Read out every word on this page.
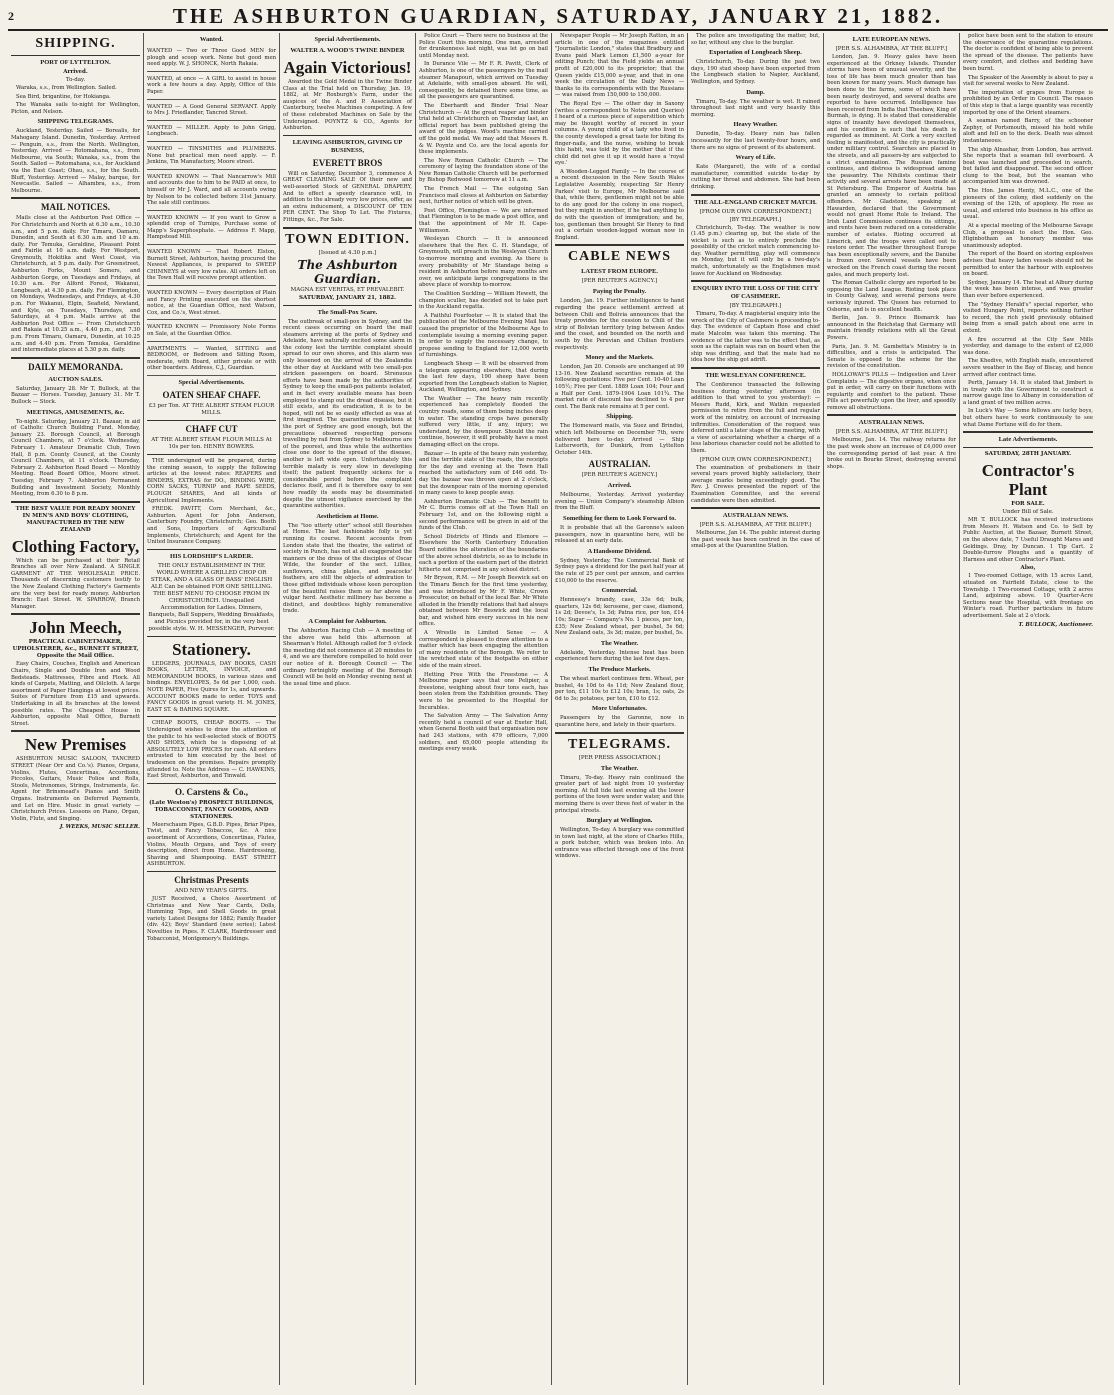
2	THE ASHBURTON GUARDIAN, SATURDAY, JANUARY 21, 1882.
SHIPPING.
PORT OF LYTTELTON.
Arrived.
To-day.

Waraka, s.s., from Wellington. Sailed.

Sea Bird, brigantine, for Hokianga.

The Wanaka sails to-night for Wellington, Picton, and Nelson.

SHIPPING TELEGRAMS.

Auckland, Yesterday. Sailed — Borealis, for Mahogany Island. Dunedin, Yesterday. Arrived — Penguin, s.s., from the North. Wellington, Yesterday. Arrived — Rotomahana, s.s., from Melbourne, via South; Wanaka, s.s., from the South. Sailed — Rotomahana, s.s., for Auckland via the East Coast; Ohau, s.s., for the South. Bluff, Yesterday. Arrived — Malay, barque, for Newcastle. Sailed — Alhambra, s.s., from Melbourne.

MAIL NOTICES.

Mails close at the Ashburton Post Office — For Christchurch and North at 6.30 a.m., 10.30 a.m., and 5 p.m. daily. For Timaru, Oamaru, Dunedin, and South at 6.30 a.m. and 10 a.m. daily. For Temuka, Geraldine, Pleasant Point and Fairlie at 10 a.m. daily. For Westport, Greymouth, Hokitika and West Coast, via Christchurch, at 5 p.m. daily. For Greenstreet, Ashburton Forks, Mount Somers, and Ashburton Gorge, on Tuesdays and Fridays, at 10.30 a.m. For Alford Forest, Wakanui, Longbeach, at 4.30 p.m. daily. For Flemington, on Mondays, Wednesdays, and Fridays, at 4.30 p.m. For Wakanui, Elgin, Seafield, Newland, and Kyle, on Tuesdays, Thursdays, and Saturdays, at 4 p.m. Mails arrive at the Ashburton Post Office — From Christchurch and Rakaia at 10.25 a.m., 4.40 p.m., and 7.30 p.m. From Timaru, Oamaru, Dunedin, at 10.25 a.m. and 4.40 p.m. From Temuka, Geraldine and intermediate places at 5.30 p.m. daily.

DAILY MEMORANDA.
AUCTION SALES.

Saturday, January 28. Mr T. Bullock, at the Bazaar — Horses. Tuesday, January 31. Mr T. Bullock — Stock.

MEETINGS, AMUSEMENTS, &c.

To-night. Saturday, January 21. Bazaar, in aid of Catholic Church Building Fund. Monday, January 23. Borough Council, at Borough Council Chambers, at 7 o'clock. Wednesday, February 1. Amateur Dramatic Club, Town Hall, 8 p.m. County Council, at the County Council Chambers, at 11 o'clock. Thursday, February 2. Ashburton Road Board — Monthly Meeting. Road Board Office, Moore street. Tuesday, February 7. Ashburton Permanent Building and Investment Society, Monthly Meeting, from 6.30 to 8 p.m.

THE BEST VALUE FOR READY MONEY IN MEN'S AND BOYS' CLOTHING, MANUFACTURED BY THE NEW ZEALAND
Clothing Factory,

Which can be purchased at their Retail Branches all over New Zealand. A SINGLE GARMENT AT THE WHOLESALE PRICE. Thousands of discerning customers testify to the New Zealand Clothing Factory's Garments are the very best for ready money. Ashburton Branch: East Street. W. SPARROW, Branch Manager.

John Meech,
PRACTICAL CABINETMAKER, UPHOLSTERER, &c., BURNETT STREET, Opposite the Mail Office.

Easy Chairs, Couches, English and American Chairs, Single and Double Iron and Wood Bedsteads. Mattresses, Fibre and Flock. All kinds of Carpets, Matting, and Oilcloth. A large assortment of Paper Hangings at lowest prices. Suites of Furniture from £15 and upwards. Undertaking in all its branches at the lowest possible rates. The Cheapest House in Ashburton, opposite Mail Office, Burnett Street.

New Premises

ASHBURTON MUSIC SALOON, TANCRED STREET (Near Orr and Co.'s). Pianos, Organs, Violins, Flutes, Concertinas, Accordions, Piccolos, Guitars, Music Folios and Rolls, Stools, Metronomes, Strings, Instruments, &c. Agent for Brinsmead's Pianos and Smith Organs. Instruments on Deferred Payments, and Let on Hire. Music in great variety — Christchurch Prices. Lessons on Piano, Organ, Violin, Flute, and Singing.

J. WEEKS, MUSIC SELLER.
Wanted.
WANTED — Two or Three Good MEN for plough and scoop work. None but good men need apply. W. J. SHONCK, North Rakaia.
WANTED, at once — A GIRL to assist in house work a few hours a day. Apply, Office of this Paper.
WANTED — A Good General SERVANT. Apply to Mrs J. Friedlander, Tancred Street.
WANTED — MILLER. Apply to John Grigg, Longbeach.
WANTED — TINSMITHS and PLUMBERS. None but practical men need apply. — F. Jenkins, Tin Manufactory, Moore street.
WANTED KNOWN — That Nancarrow's Mill and accounts due to him to be PAID at once, to himself or Mr J. Ward, and all accounts owing by Nelson to be collected before 31st January. The sale still continues.
WANTED KNOWN — If you want to Grow a splendid crop of Turnips, Purchase some of Mapp's Superphosphate. — Address F. Mapp, Hampstead Mill.
WANTED KNOWN — That Robert Elston, Burnett Street, Ashburton, having procured the Newest Appliances, is prepared to SWEEP CHIMNEYS at very low rates. All orders left on the Town Hall will receive prompt attention.
WANTED KNOWN — Every description of Plain and Fancy Printing executed on the shortest notice, at the Guardian Office, next Watson, Cox, and Co.'s, West street.
WANTED KNOWN — Promissory Note Forms on Sale, at the Guardian Office.
APARTMENTS — Wanted, SITTING and BEDROOM, or Bedroom and Sitting Room, moderate, with Board, either private or with other boarders. Address, C.J., Guardian.
Special Advertisements.
OATEN SHEAF CHAFF.
£3 per Ton. AT THE ALBERT STEAM FLOUR MILLS.
CHAFF CUT
AT THE ALBERT STEAM FLOUR MILLS At 10s per ton. HENRY BOWERS.

THE undersigned will be prepared, during the coming season, to supply the following articles at the lowest rates: REAPERS and BINDERS, EXTRAS for DO., BINDING WIRE, CORN SACKS, TURNIP and RAPE SEEDS, PLOUGH SHARES, And all kinds of Agricultural Implements.

FREDK. PAVITT, Corn Merchant, &c., Ashburton. Agent for John Anderson, Canterbury Foundry, Christchurch; Geo. Booth and Sons, Importers of Agricultural Implements, Christchurch; and Agent for the United Insurance Company.

HIS LORDSHIP'S LARDER.
THE ONLY ESTABLISHMENT IN THE WORLD WHERE A GRILLED CHOP OR STEAK, AND A GLASS OF BASS' ENGLISH ALE Can be obtained FOR ONE SHILLING. THE BEST MENU TO CHOOSE FROM IN CHRISTCHURCH. Unequalled Accommodation for Ladies. Dinners, Banquets, Ball Suppers, Wedding Breakfasts, and Picnics provided for, in the very best possible style. W. H. MESSENGER, Purveyor.
Stationery.

LEDGERS, JOURNALS, DAY BOOKS, CASH BOOKS, LETTER, INVOICE, and MEMORANDUM BOOKS, in various sizes and bindings. ENVELOPES, 5s 6d per 1,000, cash. NOTE PAPER, Five Quires for 1s, and upwards. ACCOUNT BOOKS made to order. TOYS and FANCY GOODS in great variety. H. M. JONES, EAST ST. & BARING SQUARE.

CHEAP BOOTS, CHEAP BOOTS. — The Undersigned wishes to draw the attention of the public to his well-selected stock of BOOTS AND SHOES, which he is disposing of at ABSOLUTELY LOW PRICES for cash. All orders entrusted to him executed by the best of tradesmen on the premises. Repairs promptly attended to. Note the Address — C. HAWKINS, East Street, Ashburton, and Tinwald.

O. Carstens & Co.,
(Late Weston's) PROSPECT BUILDINGS, TOBACCONIST, FANCY GOODS, AND STATIONERS.

Meerschaum Pipes, G.B.D. Pipes, Briar Pipes, Twist, and Fancy Tobaccos, &c. A nice assortment of Accordions, Concertinas, Flutes, Violins, Mouth Organs, and Toys of every description, direct from Home. Hairdressing, Shaving and Shampooing. EAST STREET ASHBURTON.

Christmas Presents
AND NEW YEAR'S GIFTS.

JUST Received, a Choice Assortment of Christmas and New Year Cards, Dolls, Humming Tops, and Shell Goods in great variety. Latest Designs for 1882; Family Reader (div. 42); Boys' Standard (new series); Latest Novelties in Pipes. F. CLARK, Hairdresser and Tobacconist, Montgomery's Buildings.

Special Advertisements.
WALTER A. WOOD'S TWINE BINDER
Again Victorious!

Awarded the Gold Medal in the Twine Binder Class at the Trial held on Thursday, Jan. 19, 1882, at Mr Roxburgh's Farm, under the auspices of the A. and P. Association of Canterbury, twelve Machines competing. A few of these celebrated Machines on Sale by the Undersigned. POYNTZ & CO., Agents for Ashburton.

LEAVING ASHBURTON, GIVING UP BUSINESS,
EVERETT BROS

Will on Saturday, December 3, commence A GREAT CLEARING SALE Of their new and well-assorted Stock of GENERAL DRAPERY, And to effect a speedy clearance will, in addition to the already very low prices, offer, as an extra inducement, a DISCOUNT OF TEN PER CENT. The Shop To Let. The Fixtures, Fittings, &c., For Sale.

TOWN EDITION.
[Issued at 4.30 p.m.]
The Ashburton Guardian.
MAGNA EST VERITAS, ET PREVALEBIT.
SATURDAY, JANUARY 21, 1882.
The Small-Pox Scare.

The outbreak of small-pox in Sydney, and the recent cases occurring on board the mail steamers arriving at the ports of Sydney and Adelaide, have naturally excited some alarm in the colony lest the terrible complaint should spread to our own shores, and this alarm was only lessened on the arrival of the Zealandia the other day at Auckland with two small-pox stricken passengers on board. Strenuous efforts have been made by the authorities of Sydney to keep the small-pox patients isolated, and in fact every available means has been employed to stamp out the dread disease, but it still exists, and its eradication, it is to be hoped, will not be so easily effected as was at first imagined. The quarantine regulations at the port of Sydney are good enough, but the precautions observed respecting persons travelling by rail from Sydney to Melbourne are of the poorest, and thus while the authorities close one door to the spread of the disease, another is left wide open. Unfortunately this terrible malady is very slow in developing itself; the patient frequently sickens for a considerable period before the complaint declares itself, and it is therefore easy to see how readily its seeds may be disseminated despite the utmost vigilance exercised by the quarantine authorities.

Aestheticism at Home.

The "too utterly utter" school still flourishes at Home. The last fashionable folly is yet running its course. Recent accounts from London state that the theatre, the satirist of society in Punch, has not at all exaggerated the manners or the dress of the disciples of Oscar Wilde, the founder of the sect. Lillies, sunflowers, china plates, and peacocks' feathers, are still the objects of admiration to those gifted individuals whose keen perception of the beautiful raises them so far above the vulgar herd. Aesthetic millinery has become a distinct, and doubtless highly remunerative trade.

A Complaint for Ashburton.

The Ashburton Racing Club — A meeting of the above was held this afternoon at Shearman's Hotel. Although called for 5 o'clock the meeting did not commence at 20 minutes to 4, and we are therefore compelled to hold over our notice of it. Borough Council — The ordinary fortnightly meeting of the Borough Council will be held on Monday evening next at the usual time and place.

Police Court — There were no business at the Police Court this morning. One man, arrested for drunkenness last night, was let go on bail until Monday next.

In Durance Vile — Mr F. R. Pavitt, Clerk of Ashburton, is one of the passengers by the mail steamer Manapouri, which arrived on Tuesday at Adelaide, with small-pox aboard. He will, consequently, be detained there some time, as all the passengers are quarantined.

The Eberhardt and Binder Trial Near Christchurch — At the great reaper and binder trial held at Christchurch on Thursday last, an official report has been published giving the award of the judges. Wood's machine carried off the gold medal. We may add that Messrs R. & W. Poyntz and Co. are the local agents for these implements.

The New Roman Catholic Church — The ceremony of laying the foundation stone of the New Roman Catholic Church will be performed by Bishop Redwood tomorrow at 11 a.m.

The French Mail — The outgoing San Francisco mail closes at Ashburton on Saturday next, further notice of which will be given.

Post Office, Flemington — We are informed that Flemington is to be made a post office, and that the appointment of Mr H. Cape-Williamson.

Wesleyan Church — It is announced elsewhere that the Rev. C. H. Standage, of Greymouth, will preach in the Wesleyan Church to-morrow morning and evening. As there is every probability of Mr Standage being a resident in Ashburton before many months are over, we anticipate large congregations in the above place of worship to-morrow.

The Coalition Suckling — William Hewett, the champion sculler, has decided not to take part in the Auckland regatta.

A Faithful Fourfooter — It is stated that the publication of the Melbourne Evening Mail has caused the proprietor of the Melbourne Age to contemplate issuing a morning evening paper. In order to supply the necessary change, to propose sending to England for 12,000 worth of furnishings.

Longbeach Sheep — It will be observed from a telegram appearing elsewhere, that during the last few days, 190 sheep have been exported from the Longbeach station to Napier, Auckland, Wellington, and Sydney.

The Weather — The heavy rain recently experienced has completely flooded the country roads, some of them being inches deep in water. The standing crops have generally suffered very little, if any, injury; we understand, by the downpour. Should the rain continue, however, it will probably have a most damaging effect on the crops.

Bazaar — In spite of the heavy rain yesterday, and the terrible state of the roads, the receipts for the day and evening at the Town Hall reached the satisfactory sum of £46 odd. To-day the bazaar was thrown open at 2 o'clock, but the downpour rain of the morning operated in many cases to keep people away.

Ashburton Dramatic Club — The benefit to Mr C. Burris comes off at the Town Hall on February 1st, and on the following night a second performance will be given in aid of the funds of the Club.

School Districts of Hinds and Elsmore — Elsewhere the North Canterbury Education Board notifies the alteration of the boundaries of the above school districts, so as to include in each a portion of the eastern part of the district hitherto not comprised in any school district.

Mr Bryson, R.M. — Mr Joseph Beswick sat on the Timaru Bench for the first time yesterday, and was introduced by Mr F. White, Crown Prosecutor, on behalf of the local Bar. Mr White alluded in the friendly relations that had always obtained between Mr Beswick and the local bar, and wished him every success in his new office.

A Wrestle in Limited Sense — A correspondent is pleased to draw attention to a matter which has been engaging the attention of many residents of the Borough. We refer to the wretched state of the footpaths on either side of the main street.

Hetting Free With the Freestone — A Melbourne paper says that one Pelipier, a freestone, weighing about four tons each, has been stolen from the Exhibition grounds. They were to be presented to the Hospital for Incurables.

The Salvation Army — The Salvation Army recently held a council of war at Exeter Hall, when General Booth said that organisation now had 243 stations, with 479 officers, 7,000 soldiers, and 65,000 people attending its meetings every week.

Newspaper People — Mr Joseph Ratton, in an article in one of the magazines entitled "Journalistic London," states that Bradbury and Evans paid Mark Lemon £1,500 a-year for editing Punch; that the Field yields an annual profit of £20,000 to its proprietor; that the Queen yields £15,000 a-year, and that in one week the circulation of the Daily News — thanks to its correspondents with the Russians — was raised from 150,000 to 150,000.

The Royal Eye — The other day in Saxony (writes a correspondent to Notes and Queries) I heard of a curious piece of superstition which may be thought worthy of record in your columns. A young child of a lady who lived in the county developed a great taste for biting its finger-nails, and the nurse, wishing to break this habit, was told by the mother that if the child did not give it up it would have a 'royal eye.'

A Wooden-Legged Family — In the course of a recent discussion in the New South Wales Legislative Assembly, respecting Sir Henry Parkes' visit to Europe, Mr Melbourne said that, while there, gentlemen might not be able to do any good for the colony in one respect, but they might in another, if he had anything to do with the question of immigration; and he, too, gentleman then brought Sir Henry to find out a certain wooden-legged woman now in England.

CABLE NEWS
LATEST FROM EUROPE.
[PER REUTER'S AGENCY.]
Paying the Penalty.

London, Jan. 19. Further intelligence to hand regarding the peace settlement arrived at between Chili and Bolivia announces that the treaty provides for the cession to Chili of the strip of Bolivian territory lying between Andes and the coast, and bounded on the north and south by the Peruvian and Chilian frontiers respectively.

Money and the Markets.

London, Jan 20. Consols are unchanged at 99 13-16. New Zealand securities remain at the following quotations: Five per Cent. 10-40 Loan 105½; Five per Cent. 1889 Loan 104; Four and a Half per Cent. 1879-1904 Loan 101¾. The market rate of discount has declined to 4 per cent. The Bank rate remains at 5 per cent.

Shipping.

The Homeward mails, via Suez and Brindisi, which left Melbourne on December 7th, were delivered here to-day. Arrived — Ship Lutterworth, for Dunkirk, from Lyttelton October 14th.

AUSTRALIAN.
[PER REUTER'S AGENCY.]
Arrived.

Melbourne, Yesterday. Arrived yesterday evening — Union Company's steamship Albion from the Bluff.

Something for them to Look Forward to.

It is probable that all the Garonne's saloon passengers, now in quarantine here, will be released at an early date.

A Handsome Dividend.

Sydney, Yesterday. The Commercial Bank of Sydney pays a dividend for the past half year at the rate of 25 per cent per annum, and carries £10,000 to the reserve.

Commercial.

Hennessy's brandy, case, 33s 6d; bulk, quarters, 12s 6d; kerosene, per case, diamond, 1s 2d; Devoe's, 1s 3d; Patna rice, per ton, £14 10s; Sugar — Company's No. 1 pieces, per ton, £35; New Zealand wheat, per bushel, 5s 6d; New Zealand oats, 3s 3d; maize, per bushel, 5s.

The Weather.

Adelaide, Yesterday. Intense heat has been experienced here during the last few days.

The Produce Markets.

The wheat market continues firm. Wheat, per bushel, 4s 10d to 4s 11d; New Zealand flour, per ton, £11 10s to £12 10s; bran, 1s; oats, 2s 6d to 3s; potatoes, per ton, £10 to £12.

More Unfortunates.

Passengers by the Garonne, now in quarantine here, and lately in their quarters.

TELEGRAMS.
[PER PRESS ASSOCIATION.]
The Weather.

Timaru, To-day. Heavy rain continued the greater part of last night from 10 yesterday morning. At full tide last evening all the lower portions of the town were under water, and this morning there is over three feet of water in the principal streets.

Burglary at Wellington.

Wellington, To-day. A burglary was committed in town last night, at the store of Charles Hills, a pork butcher, which was broken into. An entrance was effected through one of the front windows.

The police are investigating the matter, but, so far, without any clue to the burglar.

Exportation of Longbeach Sheep.

Christchurch, To-day. During the past two days, 190 stud sheep have been exported from the Longbeach station to Napier, Auckland, Wellington, and Sydney.

Damp.

Timaru, To-day. The weather is wet. It rained throughout last night and very heavily this morning.

Heavy Weather.

Dunedin, To-day. Heavy rain has fallen incessantly for the last twenty-four hours, and there are no signs of present of its abatement.

Weary of Life.

Kate (Margaret), the wife of a cordial manufacturer, committed suicide to-day by cutting her throat and abdomen. She had been drinking.

THE ALL-ENGLAND CRICKET MATCH.
[FROM OUR OWN CORRESPONDENT.]
[BY TELEGRAPH.]

Christchurch, To-day. The weather is now (1.45 p.m.) clearing up, but the state of the wicket is such as to entirely preclude the possibility of the cricket match commencing to-day. Weather permitting, play will commence on Monday, but it will only be a two-day's match, unfortunately as the Englishmen must leave for Auckland on Wednesday.

ENQUIRY INTO THE LOSS OF THE CITY OF CASHMERE.
[BY TELEGRAPH.]

Timaru, To-day. A magisterial enquiry into the wreck of the City of Cashmere is proceeding to-day. The evidence of Captain Rose and chief mate Malcolm was taken this morning. The evidence of the latter was to the effect that, as soon as the captain was ran on board when the ship was drifting, and that the mate had no idea how the ship got adrift.

THE WESLEYAN CONFERENCE.

The Conference transacted the following business during yesterday afternoon (in addition to that wired to you yesterday): — Messrs Rudd, Kirk, and Watkin requested permission to retire from the full and regular work of the ministry, on account of increasing infirmities. Consideration of the request was deferred until a later stage of the meeting, with a view of ascertaining whether a charge of a less laborious character could not be allotted to them.

[FROM OUR OWN CORRESPONDENT.]

The examination of probationers in their several years proved highly satisfactory, their average marks being exceedingly good. The Rev. J. Crewes presented the report of the Examination Committee, and the several candidates were then admitted.

AUSTRALIAN NEWS.
[PER S.S. ALHAMBRA, AT THE BLUFF.]

Melbourne, Jan 14. The public interest during the past week has been centred in the case of small-pox at the Quarantine Station.

LATE EUROPEAN NEWS.
[PER S.S. ALHAMBRA, AT THE BLUFF.]

London, Jan. 9. Heavy gales have been experienced at the Orkney Islands. Thunder storms have been of unusual severity, and the loss of life has been much greater than has been known for many years. Much damage has been done to the farms, some of which have been nearly destroyed, and several deaths are reported to have occurred. Intelligence has been received from India that Theebaw, King of Burmah, is dying. It is stated that considerable signs of insanity have developed themselves, and his condition is such that his death is regarded as imminent. At Cork a very excited feeling is manifested, and the city is practically under military control. Searches are placed in the streets, and all passers-by are subjected to a strict examination. The Russian famine continues, and distress is widespread among the peasantry. The Nihilists continue their activity and several arrests have been made at St Petersburg. The Emperor of Austria has granted an amnesty to certain political offenders. Mr Gladstone, speaking at Hawarden, declared that the Government would not grant Home Rule to Ireland. The Irish Land Commission continues its sittings, and rents have been reduced on a considerable number of estates. Rioting occurred at Limerick, and the troops were called out to restore order. The weather throughout Europe has been exceptionally severe, and the Danube is frozen over. Several vessels have been wrecked on the French coast during the recent gales, and much property lost.

The Roman Catholic clergy are reported to be opposing the Land League. Rioting took place in County Galway, and several persons were seriously injured. The Queen has returned to Osborne, and is in excellent health.

Berlin, Jan. 9. Prince Bismarck has announced in the Reichstag that Germany will maintain friendly relations with all the Great Powers.

Paris, Jan. 9. M. Gambetta's Ministry is in difficulties, and a crisis is anticipated. The Senate is opposed to the scheme for the revision of the constitution.

HOLLOWAY'S PILLS — Indigestion and Liver Complaints — The digestive organs, when once put in order, will carry on their functions with regularity and comfort to the patient. These Pills act powerfully upon the liver, and speedily remove all obstructions.

AUSTRALIAN NEWS.
[PER S.S. ALHAMBRA, AT THE BLUFF.]

Melbourne, Jan. 14. The railway returns for the past week show an increase of £4,000 over the corresponding period of last year. A fire broke out in Bourke Street, destroying several shops.

police have been sent to the station to ensure the observance of the quarantine regulations. The doctor is confident of being able to prevent the spread of the disease. The patients have every comfort, and clothes and bedding have been burnt.

The Speaker of the Assembly is about to pay a visit for several weeks to New Zealand.

The importation of grapes from Europe is prohibited by an Order in Council. The reason of this step is that a large quantity was recently imported by one of the Orient steamers.

A seaman named Barry, of the schooner Zephyr, of Portsmouth, missed his hold while aloft and fell on to the deck. Death was almost instantaneous.

The ship Alnashar, from London, has arrived. She reports that a seaman fell overboard. A boat was launched and proceeded in search, but failed and disappeared. The second officer clung to the boat, but the seaman who accompanied him was drowned.

The Hon. James Henty, M.L.C., one of the pioneers of the colony, died suddenly on the evening of the 12th, of apoplexy. He rose as usual, and entered into business in his office as usual.

At a special meeting of the Melbourne Savage Club, a proposal to elect the Hon. Geo. Higinbotham an honorary member was unanimously adopted.

The report of the Board on storing explosives advises that heavy laden vessels should not be permitted to enter the harbour with explosives on board.

Sydney, January 14. The heat at Albury during the week has been intense, and was greater than ever before experienced.

The "Sydney Herald's" special reporter, who visited Hungary Point, reports nothing further to record, the rich yield previously obtained being from a small patch about one acre in extent.

A fire occurred at the City Saw Mills yesterday, and damage to the extent of £2,000 was done.

The Khedive, with English mails, encountered severe weather in the Bay of Biscay, and hence arrived after contract time.

Perth, January 14. It is stated that Jimbert is in treaty with the Government to construct a narrow gauge line to Albany in consideration of a land grant of two million acres.

In Luck's Way — Some fellows are lucky boys, but others have to work continuously to see what Dame Fortune will do for them.

Late Advertisements.
SATURDAY, 28TH JANUARY.
Contractor's Plant
FOR SALE.
Under Bill of Sale.

MR T. BULLOCK has received instructions from Messrs H. Watson and Co. to Sell by Public Auction, at the Bazaar, Burnett Street, on the above date, 7 Useful Draught Mares and Geldings. Dray, by Duncan. 1 Tip Cart. 2 Double-furrow Ploughs and a quantity of Harness and other Contractor's Plant.

Also,

1 Two-roomed Cottage, with 15 acres Land, situated on Fairfield Estate, close to the Township. 1 Two-roomed Cottage, with 2 acres Land, adjoining above. 10 Quarter-Acre Sections near the Hospital, with frontage on Winter's road. Further particulars in future advertisement. Sale at 2 o'clock.

T. BULLOCK, Auctioneer.
